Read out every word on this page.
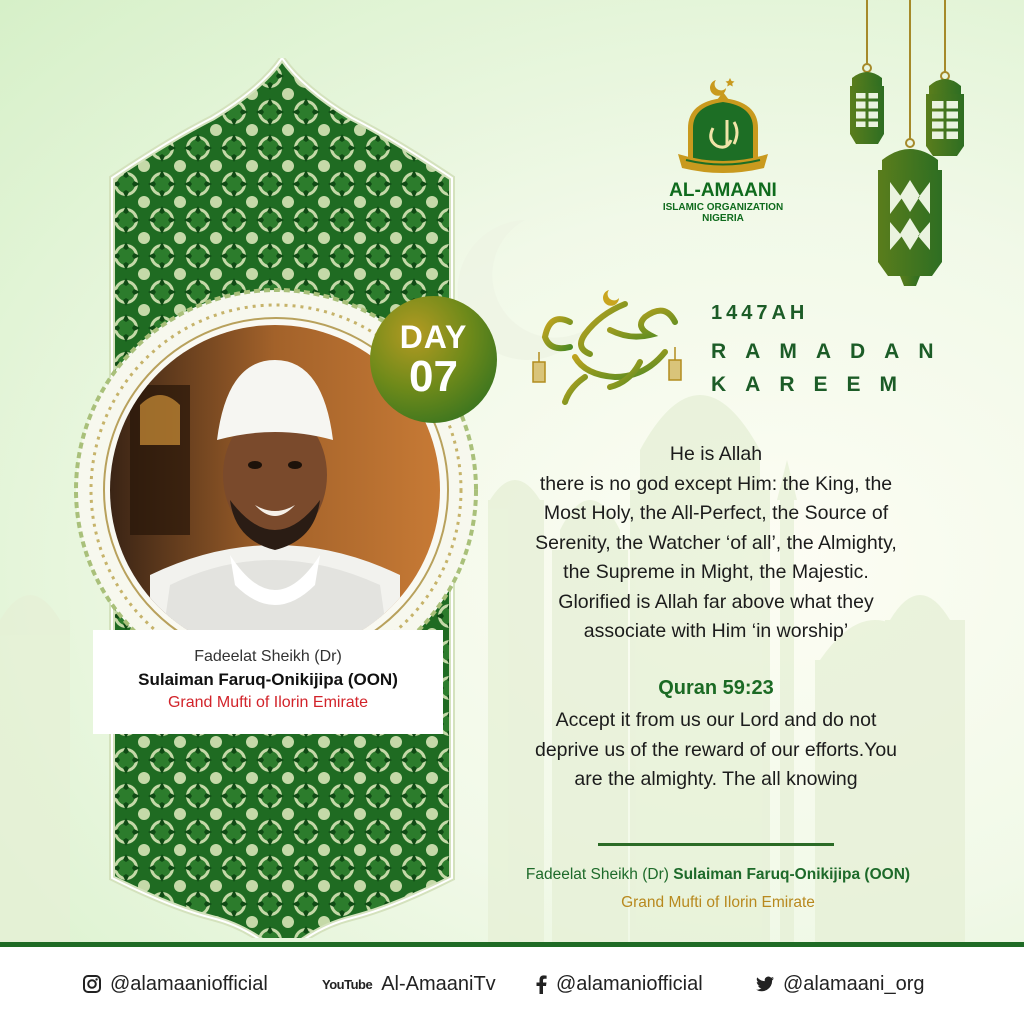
AL-AMAANI
ISLAMIC ORGANIZATION
NIGERIA
1447AH
RAMADAN
KAREEM
DAY
07
Fadeelat Sheikh (Dr)
Sulaiman Faruq-Onikijipa (OON)
Grand Mufti of Ilorin Emirate
He is Allah
there is no god except Him: the King, the
Most Holy, the All-Perfect, the Source of
Serenity, the Watcher ‘of all’, the Almighty,
the Supreme in Might, the Majestic.
Glorified is Allah far above what they
associate with Him ‘in worship’
Quran 59:23
Accept it from us our Lord and do not
deprive us of the reward of our efforts.You
are the almighty. The all knowing
Fadeelat Sheikh (Dr) Sulaiman Faruq-Onikijipa (OON)
Grand Mufti of Ilorin Emirate
@alamaaniofficial	YouTube Al-AmaaniTv	@alamaniofficial	@alamaani_org
